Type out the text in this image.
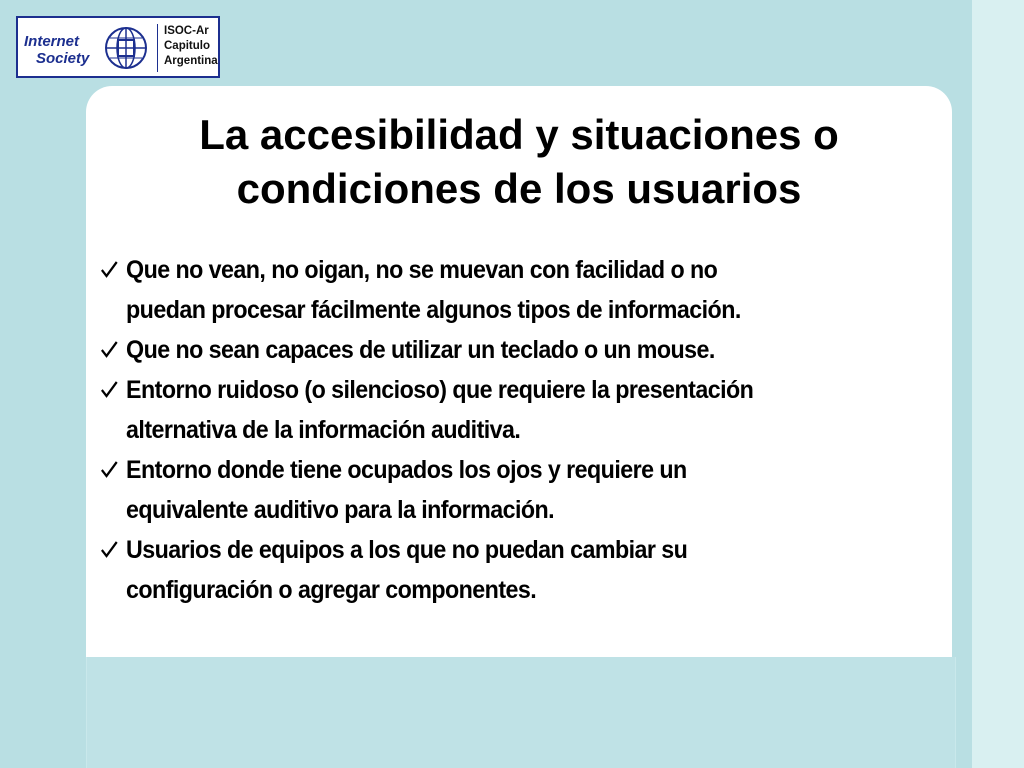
Internet
Society
ISOC-Ar
Capitulo
Argentina
La accesibilidad y situaciones o
condiciones de los usuarios
Que no vean, no oigan, no se muevan con facilidad o no
puedan procesar fácilmente algunos tipos de información.
Que no sean capaces de utilizar un teclado o un mouse.
Entorno ruidoso (o silencioso) que requiere la presentación
alternativa de la información auditiva.
Entorno donde tiene ocupados los ojos y requiere un
equivalente auditivo para la información.
Usuarios de equipos a los que no puedan cambiar su
configuración o agregar componentes.
